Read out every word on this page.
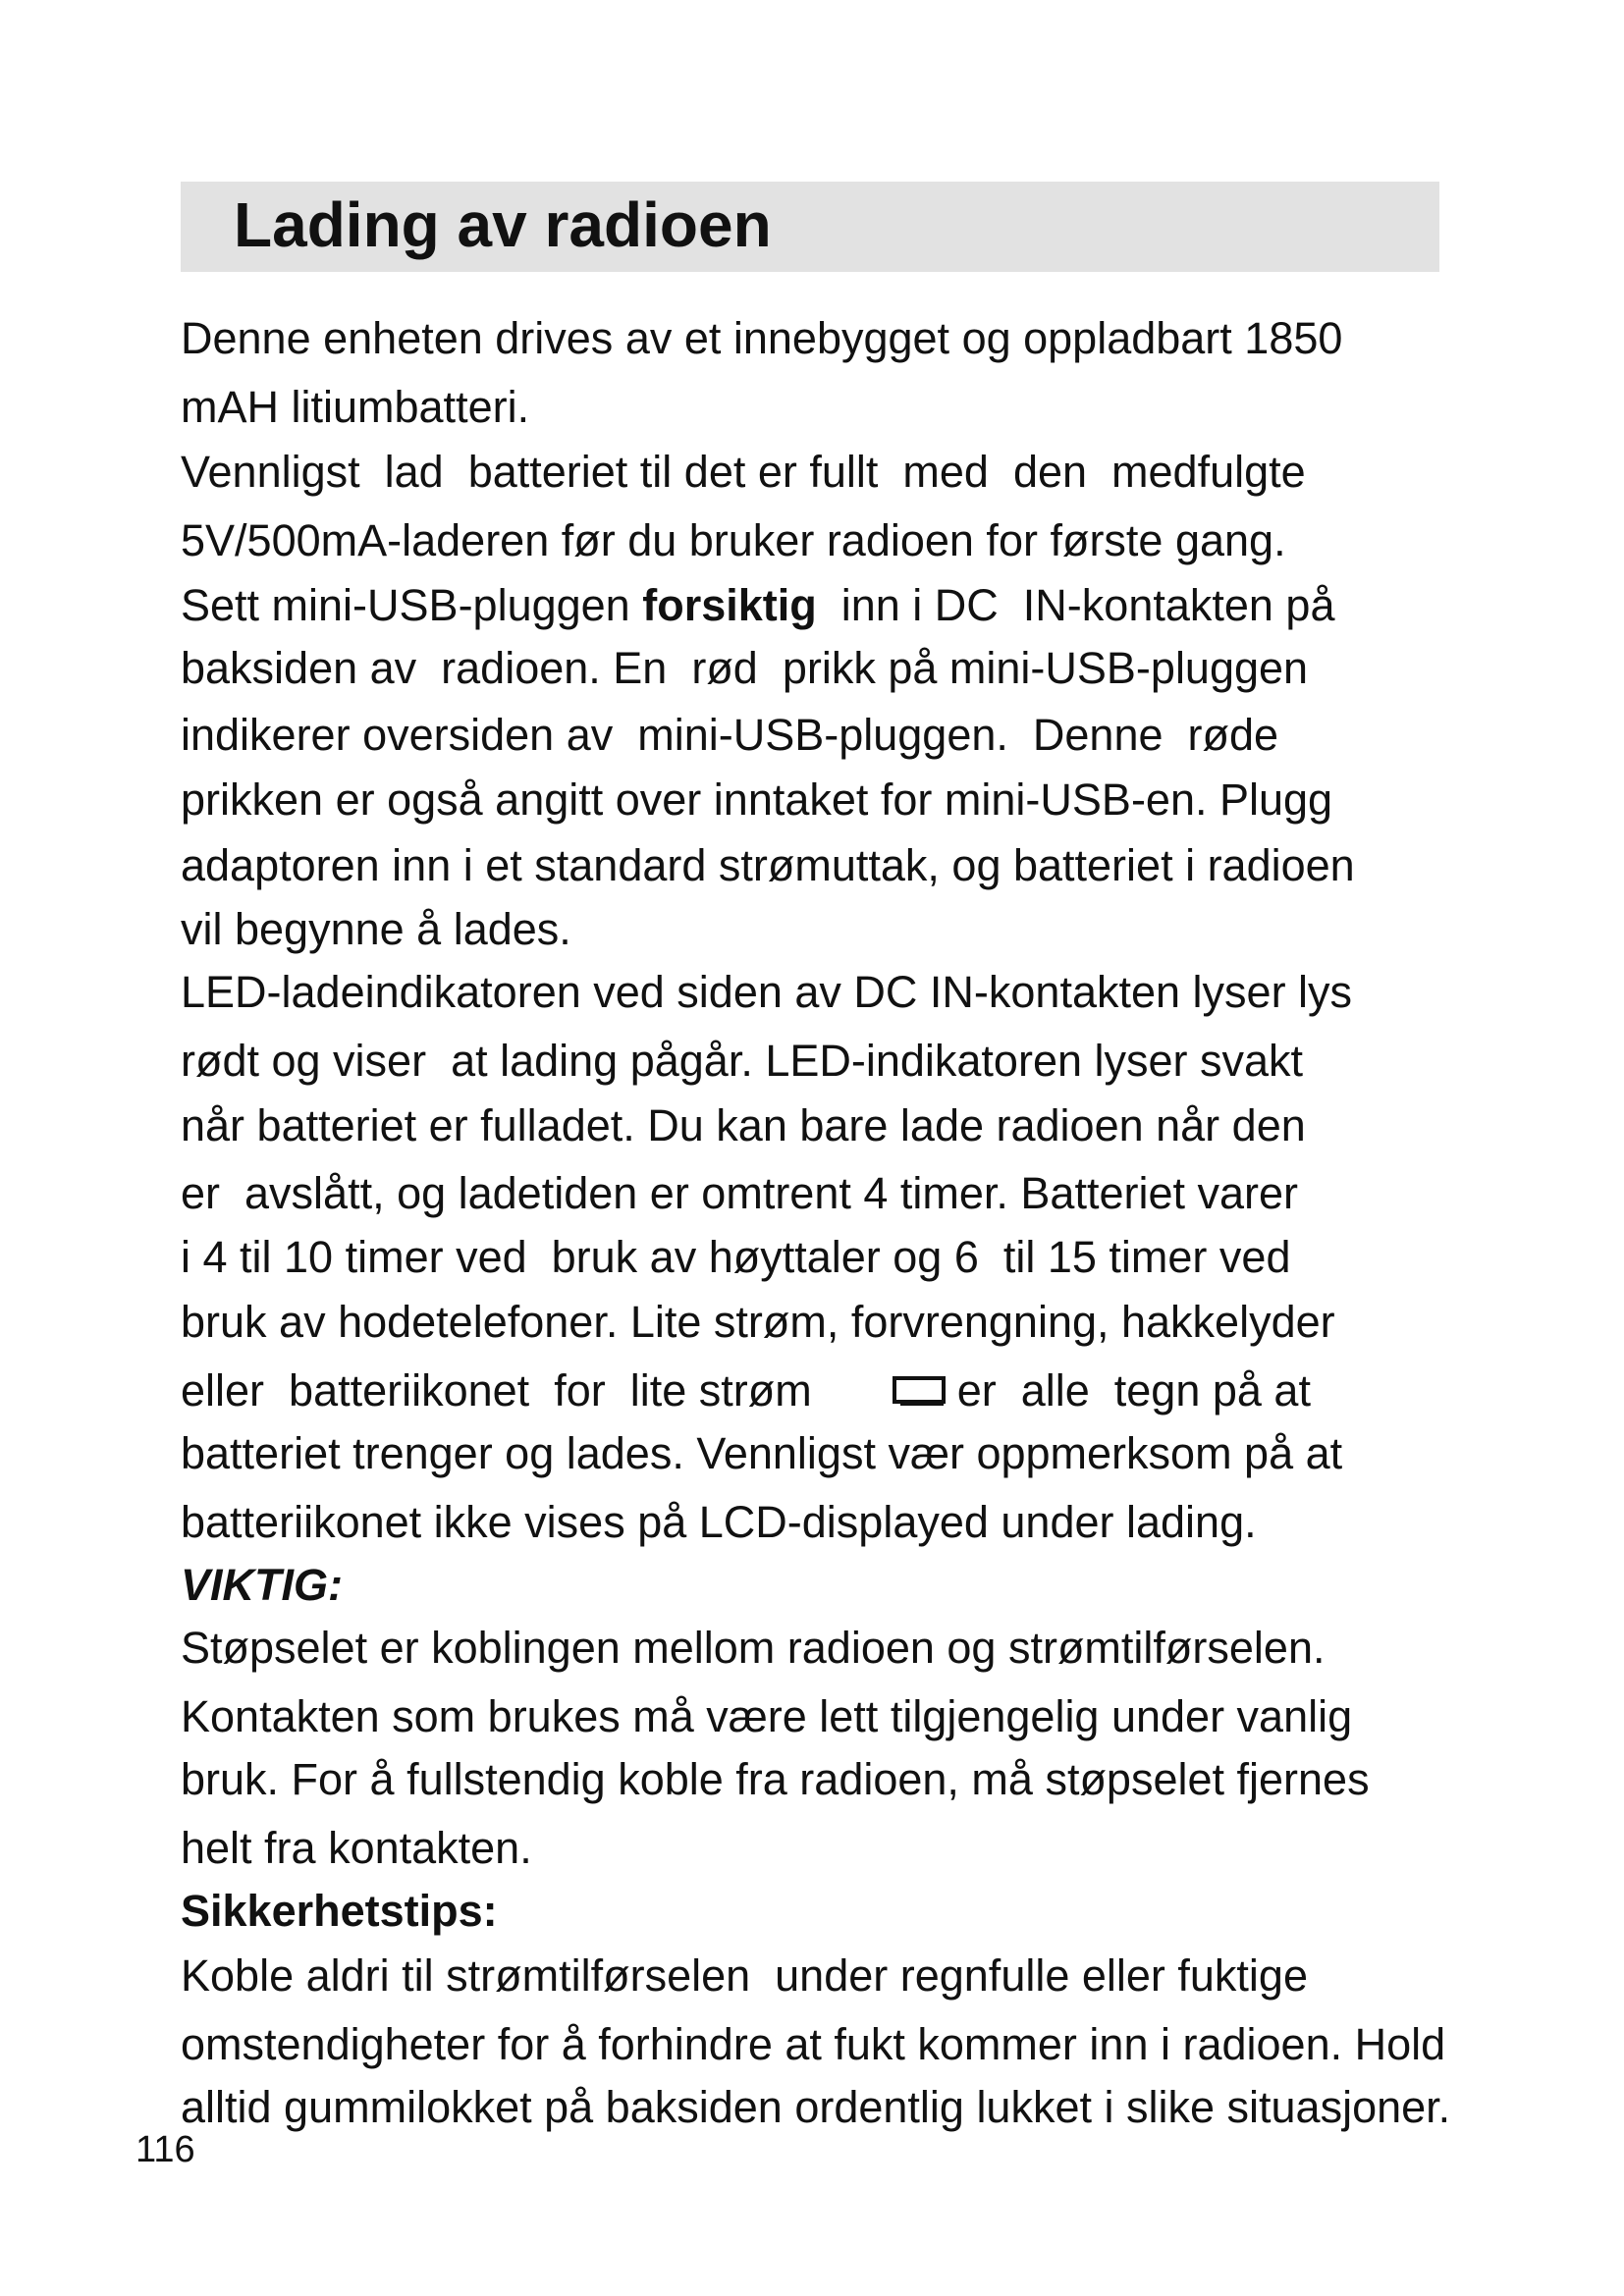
Lading av radioen
Denne enheten drives av et innebygget og oppladbart 1850
mAH litiumbatteri.
Vennligst  lad  batteriet til det er fullt  med  den  medfulgte
5V/500mA-laderen før du bruker radioen for første gang.
Sett mini-USB-pluggen forsiktig  inn i DC  IN-kontakten på
baksiden av  radioen. En  rød  prikk på mini-USB-pluggen
indikerer oversiden av  mini-USB-pluggen.  Denne  røde
prikken er også angitt over inntaket for mini-USB-en. Plugg
adaptoren inn i et standard strømuttak, og batteriet i radioen
vil begynne å lades.
LED-ladeindikatoren ved siden av DC IN-kontakten lyser lys
rødt og viser  at lading pågår. LED-indikatoren lyser svakt
når batteriet er fulladet. Du kan bare lade radioen når den
er  avslått, og ladetiden er omtrent 4 timer. Batteriet varer
i 4 til 10 timer ved  bruk av høyttaler og 6  til 15 timer ved
bruk av hodetelefoner. Lite strøm, forvrengning, hakkelyder
eller  batteriikonet  for  lite strøm	er  alle  tegn på at
batteriet trenger og lades. Vennligst vær oppmerksom på at
batteriikonet ikke vises på LCD-displayed under lading.
VIKTIG:
Støpselet er koblingen mellom radioen og strømtilførselen.
Kontakten som brukes må være lett tilgjengelig under vanlig
bruk. For å fullstendig koble fra radioen, må støpselet fjernes
helt fra kontakten.
Sikkerhetstips:
Koble aldri til strømtilførselen  under regnfulle eller fuktige
omstendigheter for å forhindre at fukt kommer inn i radioen. Hold
alltid gummilokket på baksiden ordentlig lukket i slike situasjoner.
116
